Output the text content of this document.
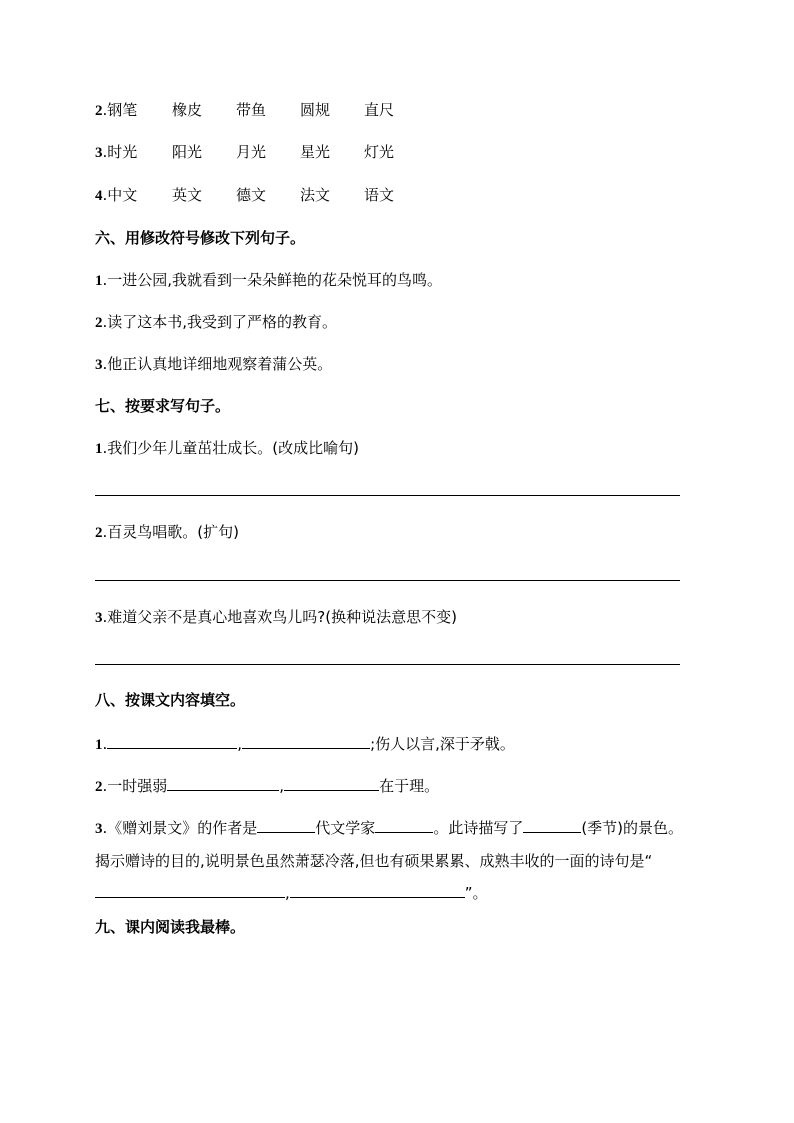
2.钢笔 橡皮 带鱼 圆规 直尺
3.时光 阳光 月光 星光 灯光
4.中文 英文 德文 法文 语文
六、用修改符号修改下列句子。
1.一进公园,我就看到一朵朵鲜艳的花朵悦耳的鸟鸣。
2.读了这本书,我受到了严格的教育。
3.他正认真地详细地观察着蒲公英。
七、按要求写句子。
1.我们少年儿童茁壮成长。(改成比喻句)
2.百灵鸟唱歌。(扩句)
3.难道父亲不是真心地喜欢鸟儿吗?(换种说法意思不变)
八、按课文内容填空。
1.	,	;伤人以言,深于矛戟。
2.一时强弱	,	在于理。
3.《赠刘景文》的作者是	代文学家	。此诗描写了	(季节)的景色。揭示赠诗的目的,说明景色虽然萧瑟冷落,但也有硕果累累、成熟丰收的一面的诗句是“,	”。
九、课内阅读我最棒。
